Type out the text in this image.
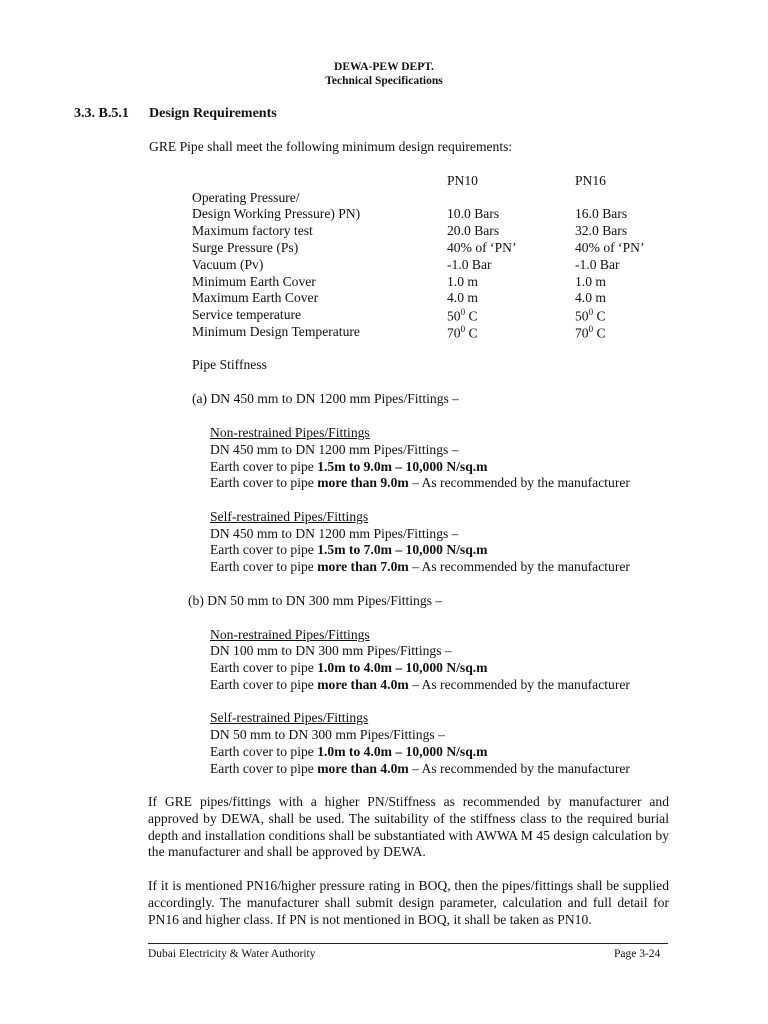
DEWA-PEW DEPT.
Technical Specifications
3.3. B.5.1 Design Requirements
GRE Pipe shall meet the following minimum design requirements:
PN10	PN16
Operating Pressure/
Design Working Pressure) PN)	10.0 Bars	16.0 Bars
Maximum factory test	20.0 Bars	32.0 Bars
Surge Pressure (Ps)	40% of ‘PN’	40% of ‘PN’
Vacuum (Pv)	-1.0 Bar	-1.0 Bar
Minimum Earth Cover	1.0 m	1.0 m
Maximum Earth Cover	4.0 m	4.0 m
Service temperature	$50^0$ C	$50^0$ C
Minimum Design Temperature	$70^0$ C	$70^0$ C
Pipe Stiffness
(a) DN 450 mm to DN 1200 mm Pipes/Fittings –
Non-restrained Pipes/Fittings
DN 450 mm to DN 1200 mm Pipes/Fittings –
Earth cover to pipe 1.5m to 9.0m – 10,000 N/sq.m
Earth cover to pipe more than 9.0m – As recommended by the manufacturer
Self-restrained Pipes/Fittings
DN 450 mm to DN 1200 mm Pipes/Fittings –
Earth cover to pipe 1.5m to 7.0m – 10,000 N/sq.m
Earth cover to pipe more than 7.0m – As recommended by the manufacturer
(b) DN 50 mm to DN 300 mm Pipes/Fittings –
Non-restrained Pipes/Fittings
DN 100 mm to DN 300 mm Pipes/Fittings –
Earth cover to pipe 1.0m to 4.0m – 10,000 N/sq.m
Earth cover to pipe more than 4.0m – As recommended by the manufacturer
Self-restrained Pipes/Fittings
DN 50 mm to DN 300 mm Pipes/Fittings –
Earth cover to pipe 1.0m to 4.0m – 10,000 N/sq.m
Earth cover to pipe more than 4.0m – As recommended by the manufacturer
If GRE pipes/fittings with a higher PN/Stiffness as recommended by manufacturer and approved by DEWA, shall be used. The suitability of the stiffness class to the required burial depth and installation conditions shall be substantiated with AWWA M 45 design calculation by the manufacturer and shall be approved by DEWA.
If it is mentioned PN16/higher pressure rating in BOQ, then the pipes/fittings shall be supplied accordingly. The manufacturer shall submit design parameter, calculation and full detail for PN16 and higher class. If PN is not mentioned in BOQ, it shall be taken as PN10.
Dubai Electricity & Water Authority	Page 3-24
